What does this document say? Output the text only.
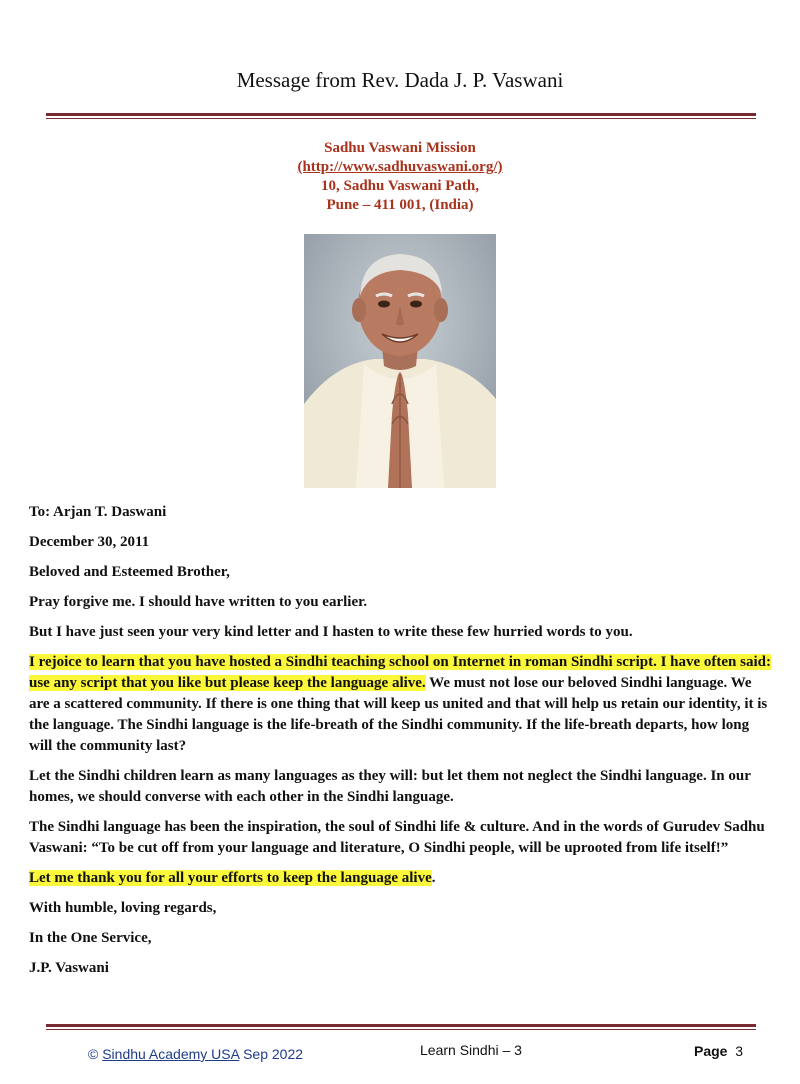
Message from Rev. Dada J. P. Vaswani
Sadhu Vaswani Mission
(http://www.sadhuvaswani.org/)
10, Sadhu Vaswani Path,
Pune – 411 001, (India)

To: Arjan T. Daswani

December 30, 2011

Beloved and Esteemed Brother,

Pray forgive me. I should have written to you earlier.

But I have just seen your very kind letter and I hasten to write these few hurried words to you.

I rejoice to learn that you have hosted a Sindhi teaching school on Internet in roman Sindhi script. I have often said: use any script that you like but please keep the language alive. We must not lose our beloved Sindhi language. We are a scattered community. If there is one thing that will keep us united and that will help us retain our identity, it is the language. The Sindhi language is the life-breath of the Sindhi community. If the life-breath departs, how long will the community last?

Let the Sindhi children learn as many languages as they will: but let them not neglect the Sindhi language. In our homes, we should converse with each other in the Sindhi language.

The Sindhi language has been the inspiration, the soul of Sindhi life & culture. And in the words of Gurudev Sadhu Vaswani: “To be cut off from your language and literature, O Sindhi people, will be uprooted from life itself!”

Let me thank you for all your efforts to keep the language alive.

With humble, loving regards,

In the One Service,

J.P. Vaswani

© Sindhu Academy USA Sep 2022	Learn Sindhi – 3	Page 3
